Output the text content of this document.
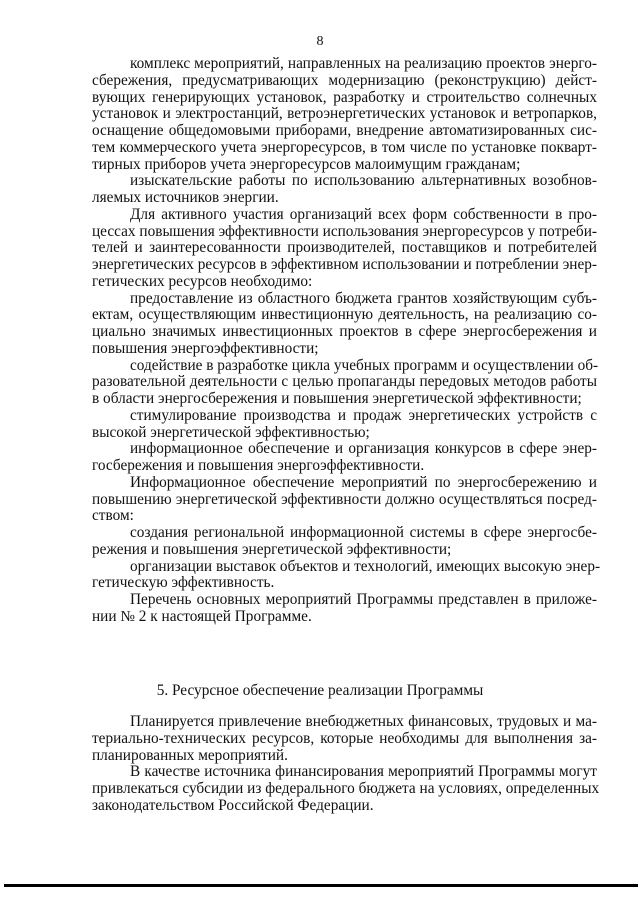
8
комплекс мероприятий, направленных на реализацию проектов энерго-
сбережения, предусматривающих модернизацию (реконструкцию) дейст-
вующих генерирующих установок, разработку и строительство солнечных
установок и электростанций, ветроэнергетических установок и ветропарков,
оснащение общедомовыми приборами, внедрение автоматизированных сис-
тем коммерческого учета энергоресурсов, в том числе по установке покварт-
тирных приборов учета энергоресурсов малоимущим гражданам;
изыскательские работы по использованию альтернативных возобнов-
ляемых источников энергии.
Для активного участия организаций всех форм собственности в про-
цессах повышения эффективности использования энергоресурсов у потреби-
телей и заинтересованности производителей, поставщиков и потребителей
энергетических ресурсов в эффективном использовании и потреблении энер-
гетических ресурсов необходимо:
предоставление из областного бюджета грантов хозяйствующим субъ-
ектам, осуществляющим инвестиционную деятельность, на реализацию со-
циально значимых инвестиционных проектов в сфере энергосбережения и
повышения энергоэффективности;
содействие в разработке цикла учебных программ и осуществлении об-
разовательной деятельности с целью пропаганды передовых методов работы
в области энергосбережения и повышения энергетической эффективности;
стимулирование производства и продаж энергетических устройств с
высокой энергетической эффективностью;
информационное обеспечение и организация конкурсов в сфере энер-
госбережения и повышения энергоэффективности.
Информационное обеспечение мероприятий по энергосбережению и
повышению энергетической эффективности должно осуществляться посред-
ством:
создания региональной информационной системы в сфере энергосбе-
режения и повышения энергетической эффективности;
организации выставок объектов и технологий, имеющих высокую энер-
гетическую эффективность.
Перечень основных мероприятий Программы представлен в приложе-
нии № 2 к настоящей Программе.
5. Ресурсное обеспечение реализации Программы
Планируется привлечение внебюджетных финансовых, трудовых и ма-
териально-технических ресурсов, которые необходимы для выполнения за-
планированных мероприятий.
В качестве источника финансирования мероприятий Программы могут
привлекаться субсидии из федерального бюджета на условиях, определенных
законодательством Российской Федерации.
